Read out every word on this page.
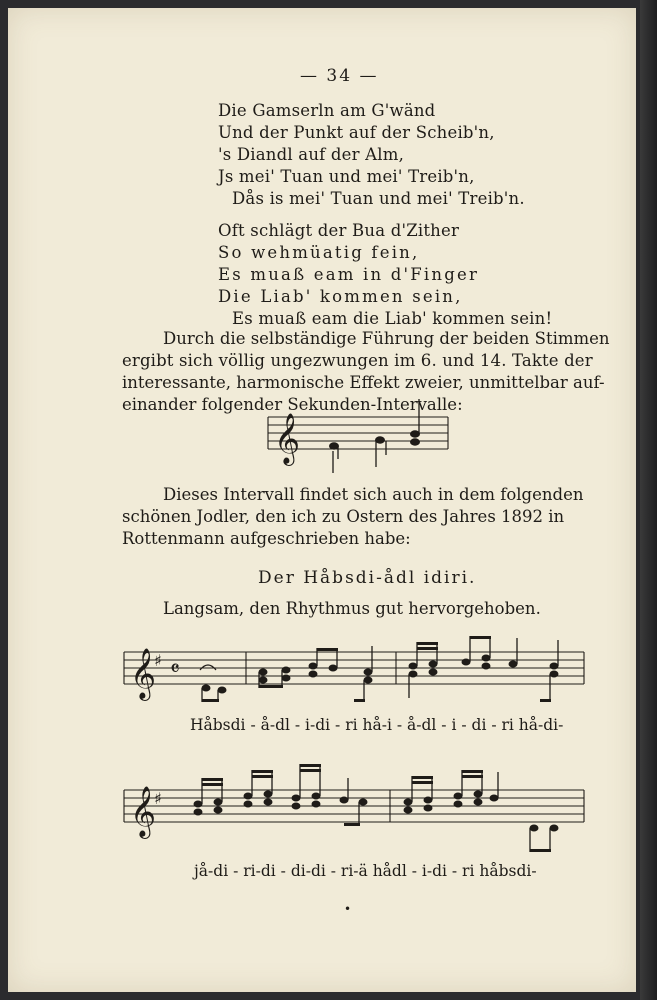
— 34 —
Die Gamserln am G'wänd
Und der Punkt auf der Scheib'n,
's Diandl auf der Alm,
Js mei' Tuan und mei' Treib'n,
Dås is mei' Tuan und mei' Treib'n.
Oft schlägt der Bua d'Zither
So wehmüatig fein,
Es muaß eam in d'Finger
Die Liab' kommen sein,
Es muaß eam die Liab' kommen sein!
Durch die selbständige Führung der beiden Stimmen
ergibt sich völlig ungezwungen im 6. und 14. Takte der
interessante, harmonische Effekt zweier, unmittelbar auf-
einander folgender Sekunden-Intervalle:
𝄞
Dieses Intervall findet sich auch in dem folgenden
schönen Jodler, den ich zu Ostern des Jahres 1892 in
Rottenmann aufgeschrieben habe:
Der Håbsdi-ådl idiri.
Langsam, den Rhythmus gut hervorgehoben.
𝄞
♯ 𝄴
Håbsdi - å-dl - i-di - ri hå-i - å-dl - i - di - ri hå-di-
𝄞
♯
jå-di - ri-di - di-di - ri-ä hådl - i-di - ri håbsdi-
•
